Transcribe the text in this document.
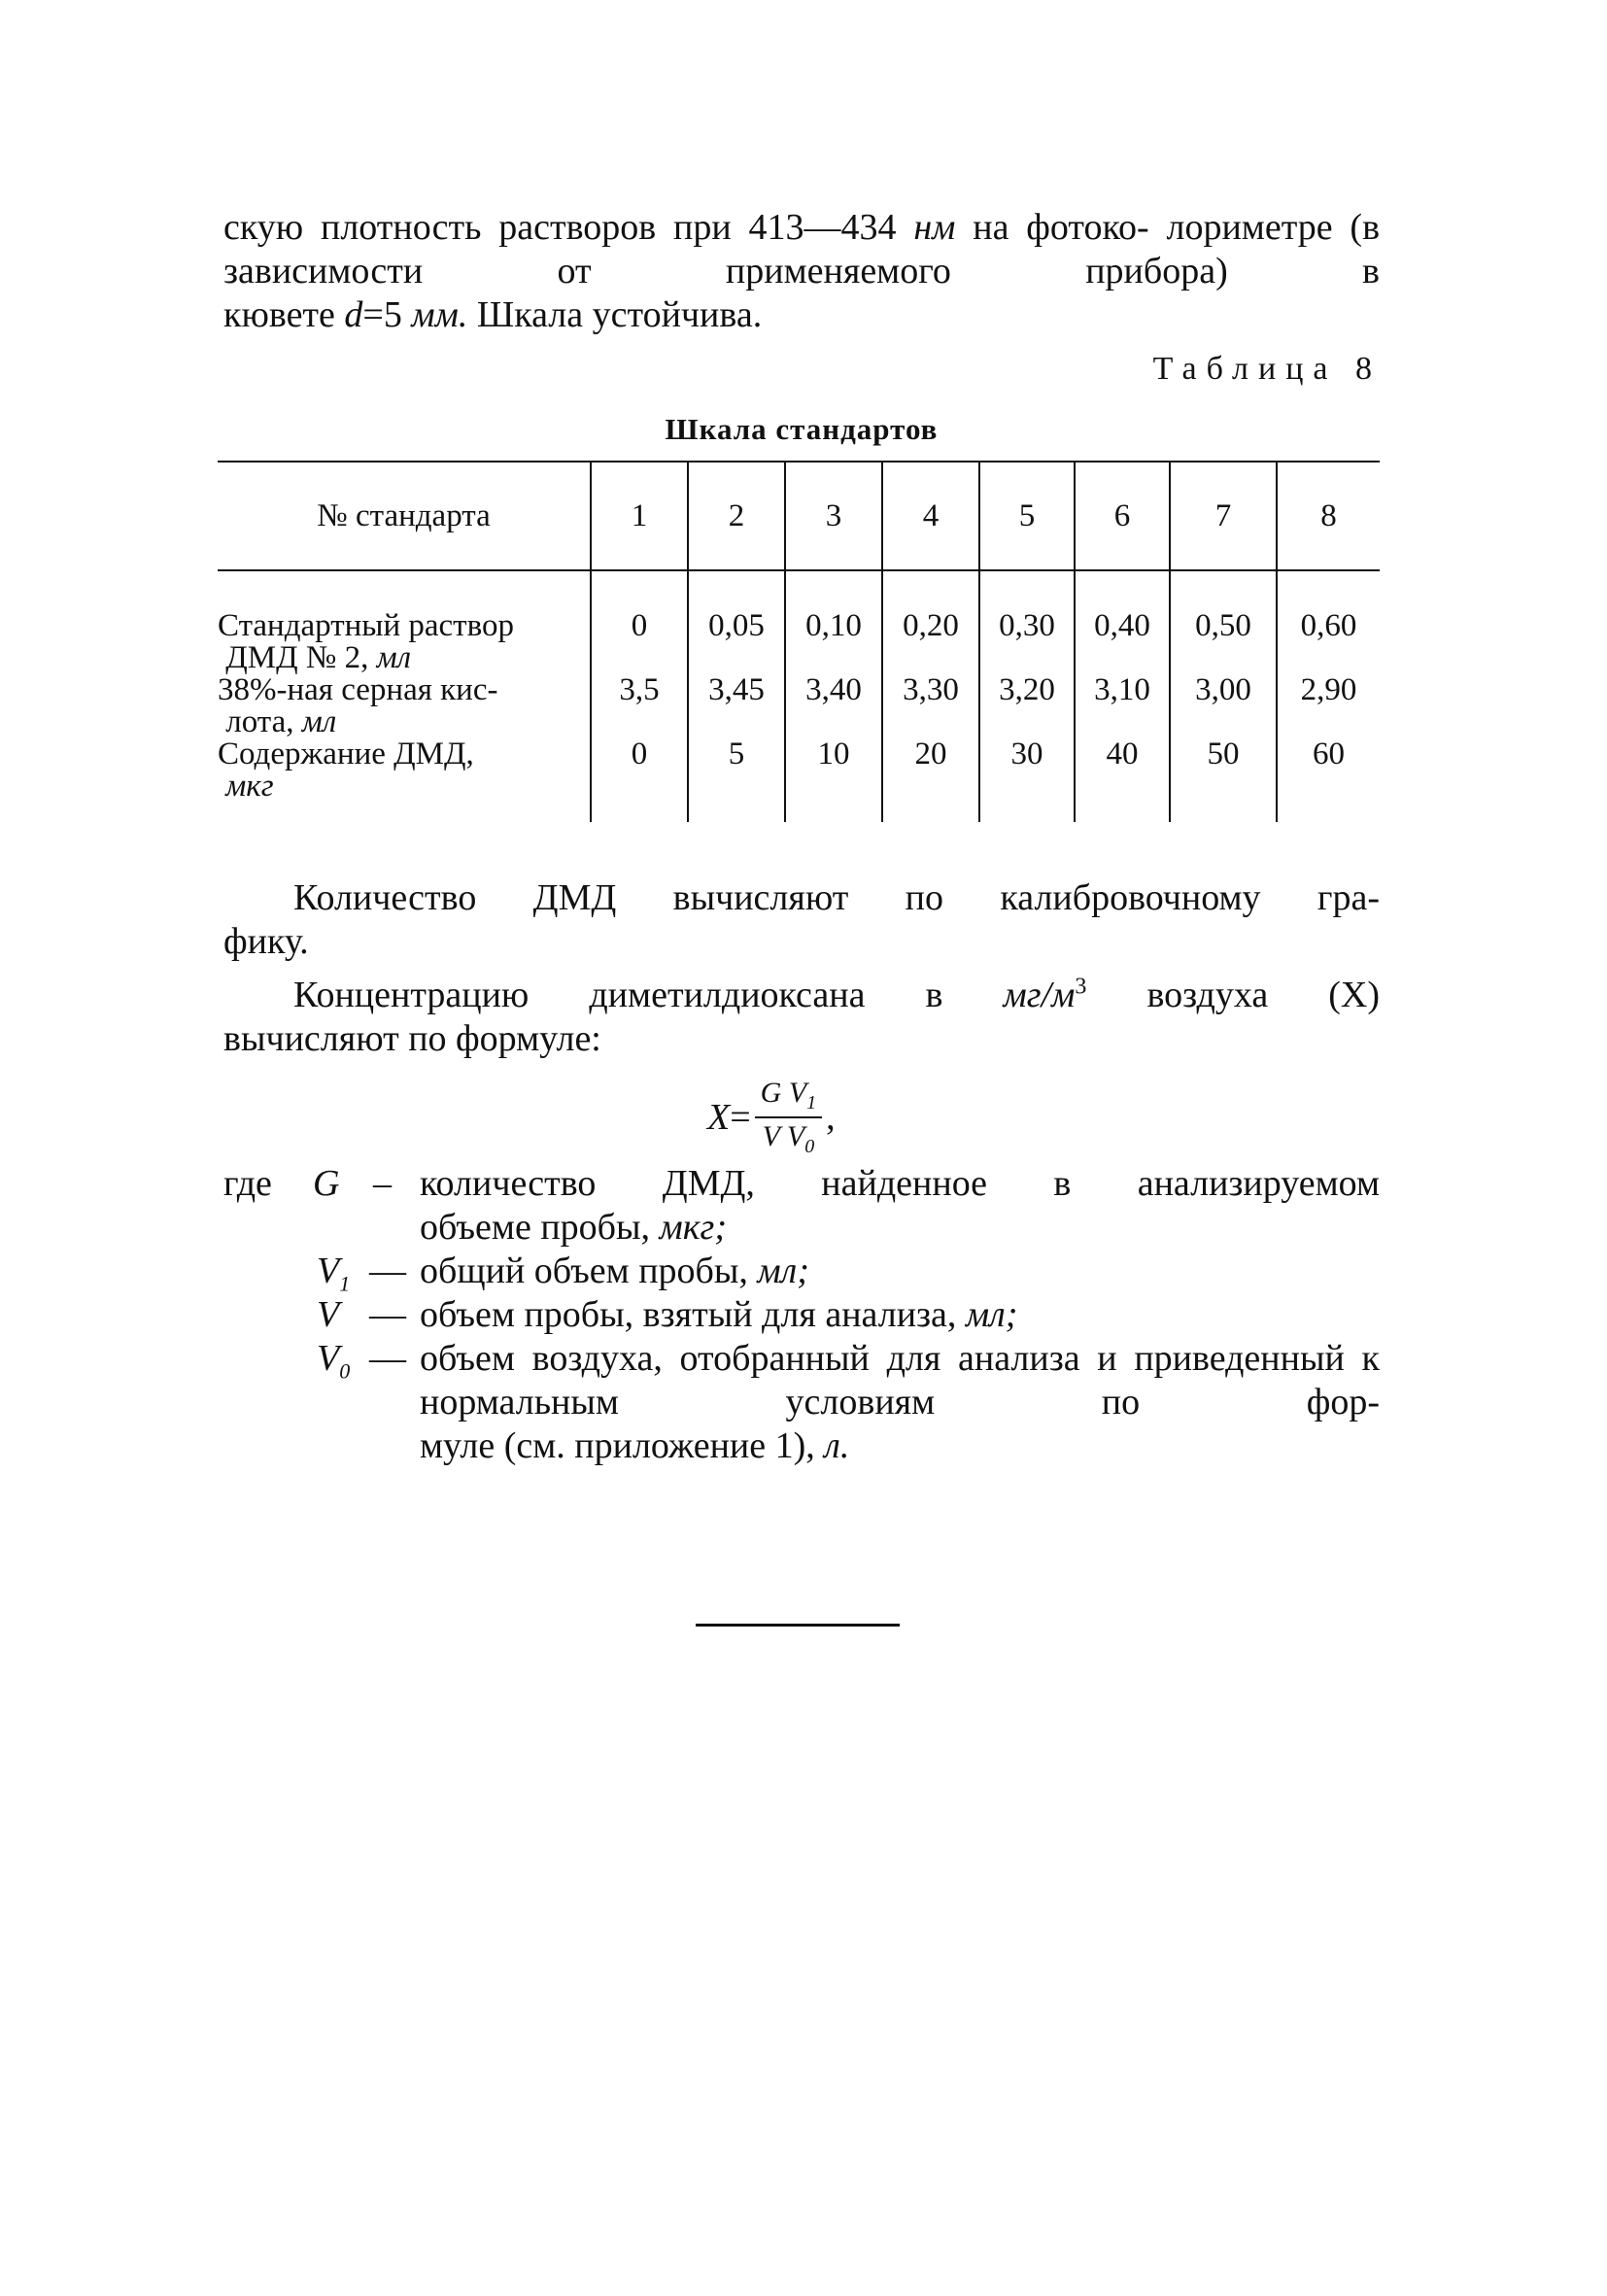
скую плотность растворов при 413—434 нм на фотоко- лориметре (в зависимости от применяемого прибора) в
кювете d=5 мм. Шкала устойчива.

Таблица 8
Шкала стандартов
№ стандарта	1	2	3	4	5	6	7	8
Стандартный раствор
ДМД № 2, мл	0	0,05	0,10	0,20	0,30	0,40	0,50	0,60
38%-ная серная кис-
лота, мл	3,5	3,45	3,40	3,30	3,20	3,10	3,00	2,90
Содержание ДМД,
мкг	0	5	10	20	30	40	50	60

Количество ДМД вычисляют по калибровочному гра-
фику.

Концентрацию диметилдиоксана в $мг/м^3$ воздуха (X)
вычисляют по формуле:

$X = \frac{G V_1}{V V_0}$ ,
где G – количество ДМД, найденное в анализируемом
объеме пробы, мкг;

$V_1$ — общий объем пробы, мл;

V — объем пробы, взятый для анализа, мл;

$V_0$ — объем воздуха, отобранный для анализа и приведенный к нормальным условиям по фор-
муле (см. приложение 1), л.
